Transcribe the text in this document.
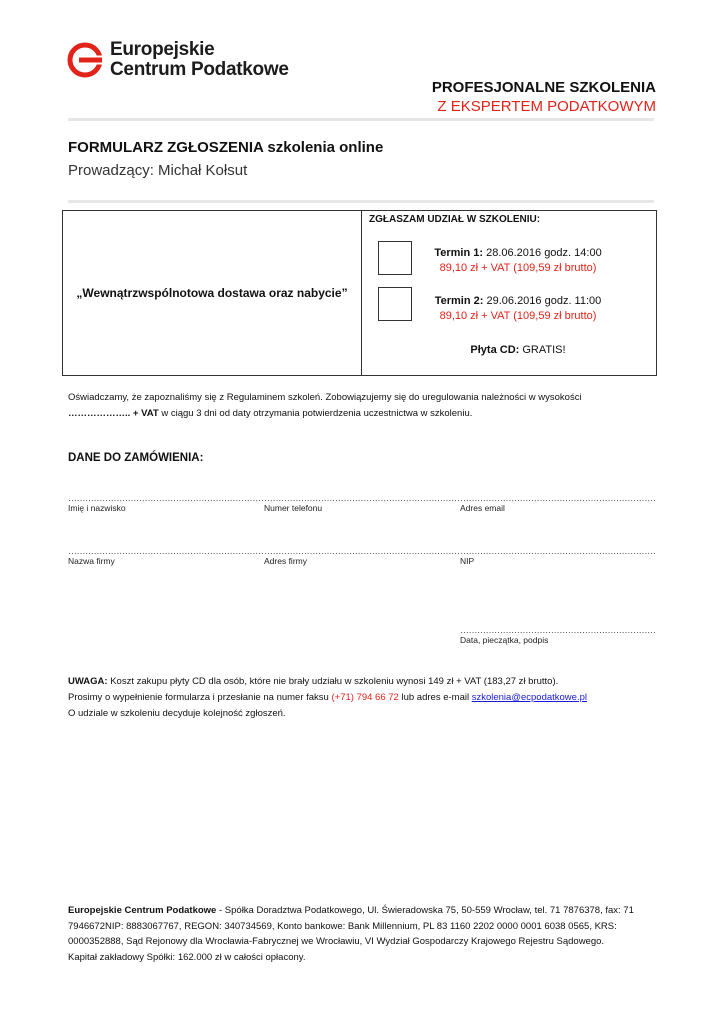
Europejskie
Centrum Podatkowe
PROFESJONALNE SZKOLENIA
Z EKSPERTEM PODATKOWYM
FORMULARZ ZGŁOSZENIA szkolenia online
Prowadzący: Michał Kołsut
„Wewnątrzwspólnotowa dostawa oraz nabycie”	
ZGŁASZAM UDZIAŁ W SZKOLENIU:
Termin 1: 28.06.2016 godz. 14:00
89,10 zł + VAT (109,59 zł brutto)
Termin 2: 29.06.2016 godz. 11:00
89,10 zł + VAT (109,59 zł brutto)
Płyta CD: GRATIS!
Oświadczamy, że zapoznaliśmy się z Regulaminem szkoleń. Zobowiązujemy się do uregulowania należności w wysokości
……………….. + VAT w ciągu 3 dni od daty otrzymania potwierdzenia uczestnictwa w szkoleniu.
DANE DO ZAMÓWIENIA:
……………………………………………………………
Imię i nazwisko
……………………………………………………………
Numer telefonu
……………………………………………………………
Adres email
……………………………………………………………
Nazwa firmy
……………………………………………………………
Adres firmy
……………………………………………………………
NIP
……………………………………………………………
Data, pieczątka, podpis
UWAGA: Koszt zakupu płyty CD dla osób, które nie brały udziału w szkoleniu wynosi 149 zł + VAT (183,27 zł brutto).
Prosimy o wypełnienie formularza i przesłanie na numer faksu (+71) 794 66 72 lub adres e-mail szkolenia@ecpodatkowe.pl
O udziale w szkoleniu decyduje kolejność zgłoszeń.
Europejskie Centrum Podatkowe - Spółka Doradztwa Podatkowego, Ul. Świeradowska 75, 50-559 Wrocław, tel. 71 7876378, fax: 71 7946672NIP: 8883067767, REGON: 340734569, Konto bankowe: Bank Millennium, PL 83 1160 2202 0000 0001 6038 0565, KRS: 0000352888, Sąd Rejonowy dla Wrocławia-Fabrycznej we Wrocławiu, VI Wydział Gospodarczy Krajowego Rejestru Sądowego.
Kapitał zakładowy Spółki: 162.000 zł w całości opłacony.
